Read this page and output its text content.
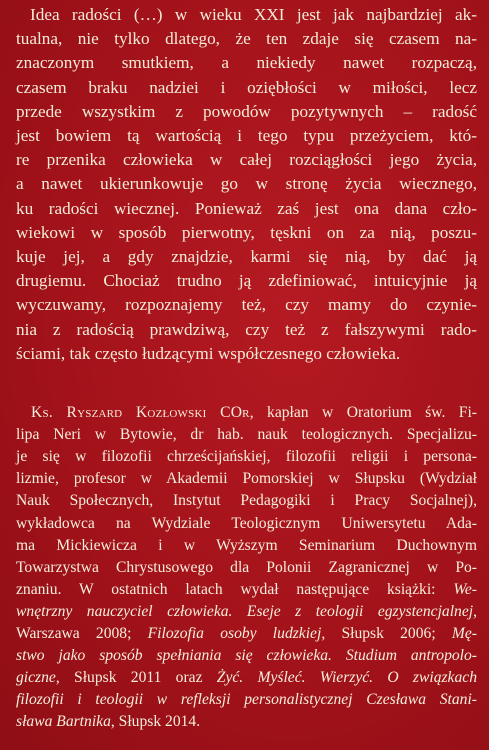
Idea radości (…) w wieku XXI jest jak najbardziej ak-

tualna, nie tylko dlatego, że ten zdaje się czasem na-

znaczonym smutkiem, a niekiedy nawet rozpaczą,

czasem braku nadziei i oziębłości w miłości, lecz

przede wszystkim z powodów pozytywnych – radość

jest bowiem tą wartością i tego typu przeżyciem, któ-

re przenika człowieka w całej rozciągłości jego życia,

a nawet ukierunkowuje go w stronę życia wiecznego,

ku radości wiecznej. Ponieważ zaś jest ona dana czło-

wiekowi w sposób pierwotny, tęskni on za nią, poszu-

kuje jej, a gdy znajdzie, karmi się nią, by dać ją

drugiemu. Chociaż trudno ją zdefiniować, intuicyjnie ją

wyczuwamy, rozpoznajemy też, czy mamy do czynie-

nia z radością prawdziwą, czy też z fałszywymi rado-

ściami, tak często łudzącymi współczesnego człowieka.

Ks. Ryszard Kozłowski COr, kapłan w Oratorium św. Fi-

lipa Neri w Bytowie, dr hab. nauk teologicznych. Specjalizu-

je się w filozofii chrześcijańskiej, filozofii religii i persona-

lizmie, profesor w Akademii Pomorskiej w Słupsku (Wydział

Nauk Społecznych, Instytut Pedagogiki i Pracy Socjalnej),

wykładowca na Wydziale Teologicznym Uniwersytetu Ada-

ma Mickiewicza i w Wyższym Seminarium Duchownym

Towarzystwa Chrystusowego dla Polonii Zagranicznej w Po-

znaniu. W ostatnich latach wydał następujące książki: We-

wnętrzny nauczyciel człowieka. Eseje z teologii egzystencjalnej,

Warszawa 2008; Filozofia osoby ludzkiej, Słupsk 2006; Mę-

stwo jako sposób spełniania się człowieka. Studium antropolo-

giczne, Słupsk 2011 oraz Żyć. Myśleć. Wierzyć. O związkach

filozofii i teologii w refleksji personalistycznej Czesława Stani-

sława Bartnika, Słupsk 2014.
